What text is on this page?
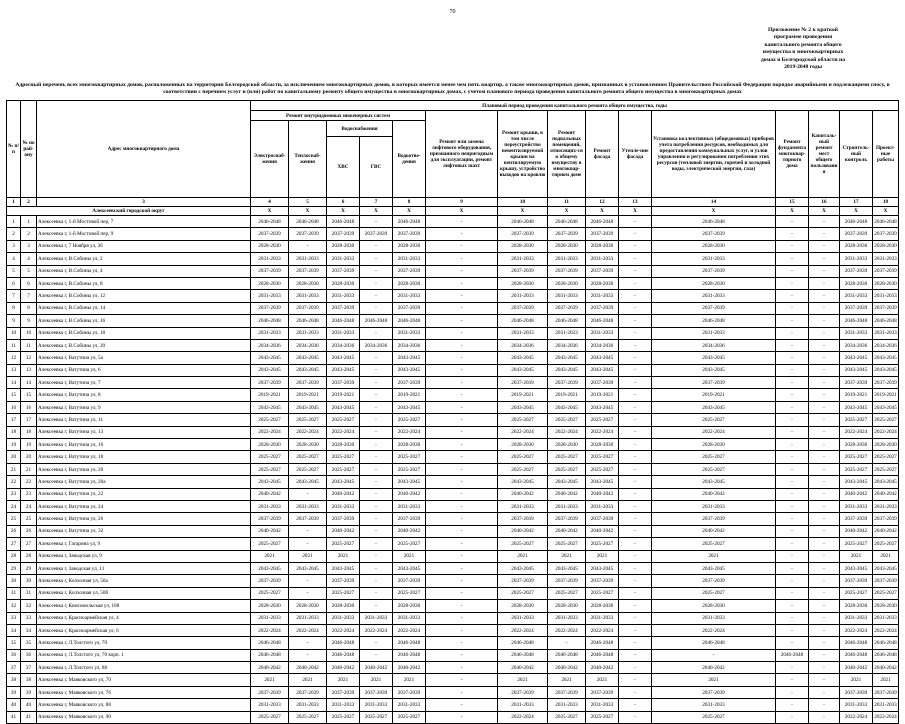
70
Приложение № 2 к краткой
программе проведения
капитального ремонта общего
имущества в многоквартирных
домах в Белгородской области на
2019-2048 годы
Адресный перечень всех многоквартирных домов, расположенных на территории Белгородской области, за исключением многоквартирных домов, в которых имеется менее чем пять квартир, а также многоквартирных домов, признанных в установленном Правительством Российской Федерации порядке аварийными и подлежащими сносу, в соответствии с перечнем услуг и (или) работ по капитальному ремонту общего имущества в многоквартирных домах, с учетом планового периода проведения капитального ремонта общего имущества в многоквартирных домах
№ п/п	№ по рай-ону	Адрес многоквартирного дома	Плановый период проведения капитального ремонта общего имущества, годы														
			Ремонт внутридомовых инженерных систем					Ремонт или замена лифтового оборудования, признанного непригодным для эксплуатации, ремонт лифтовых шахт	Ремонт крыши, в том числе переустройство невентилируемой крыши на вентилируемую крышу, устройство выходов на кровлю	Ремонт подвальных помещений, относящих-ся к общему имуществу в многоквар-тирном доме	Ремонт фасада	Утепле-ние фасада	Установка коллективных (общедомовых) приборов учета потребления ресурсов, необходимых для предоставления коммунальных услуг, и узлов управления и регулирования потребления этих ресурсов (тепловой энергии, горячей и холодной воды, электрической энергии, газа)	Ремонт фундамента многоквар-тирного дома	Капиталь-ный ремонт мест общего пользовани я	Строитель-ный контроль	Проект-ные работы
			Электроснаб-жения	Теплоснаб-жения	Водоснабжения		Водоотве-дения										
					ХВС	ГВС											
1	2	3	4	5	6	7	8	9	10	11	12	13	14	15	16	17	18
Алексеевский городской округ			X	X	X	X	X	X	X	X	X	X	X	X	X	X	X
1	1	Алексеевка г, 1-й Мостовой пер, 7	2046-2048	2046-2048	2046-2048	-	2046-2048	-	2046-2048	2046-2048	2046-2048	-	2046-2048	-	-	2046-2048	2046-2048
2	2	Алексеевка г, 1-й Мостовой пер, 9	2037-2039	2037-2039	2037-2039	2037-2039	2037-2039	-	2037-2039	2037-2039	2037-2039	-	2037-2039	-	-	2037-2039	2037-2039
3	3	Алексеевка г, 7 Ноября ул, 36	2028-2030	-	2028-2030	-	2028-2030	-	2028-2030	2028-2030	2028-2030	-	2028-2030	-	-	2028-2030	2028-2030
4	4	Алексеевка г, В.Собины ул, 2	2031-2033	2031-2033	2031-2033	-	2031-2033	-	2031-2033	2031-2033	2031-2033	-	2031-2033	-	-	2031-2033	2031-2033
5	5	Алексеевка г, В.Собины ул, 4	2037-2039	2037-2039	2037-2039	-	2037-2039	-	2037-2039	2037-2039	2037-2039	-	2037-2039	-	-	2037-2039	2037-2039
6	6	Алексеевка г, В.Собины ул, 8	2028-2030	2028-2030	2028-2030	-	2028-2030	-	2028-2030	2028-2030	2028-2030	-	2028-2030	-	-	2028-2030	2028-2030
7	7	Алексеевка г, В.Собины ул, 12	2031-2033	2031-2033	2031-2033	-	2031-2033	-	2031-2033	2031-2033	2031-2033	-	2031-2033	-	-	2031-2033	2031-2033
8	8	Алексеевка г, В.Собины ул, 14	2037-2039	2037-2039	2037-2039	-	2037-2039	-	2037-2039	2037-2039	2037-2039	-	2037-2039	-	-	2037-2039	2037-2039
9	9	Алексеевка г, В.Собины ул, 16	2046-2048	2046-2048	2046-2048	2046-2048	2046-2048	-	2046-2048	2046-2048	2046-2048	-	2046-2048	-	-	2046-2048	2046-2048
10	10	Алексеевка г, В.Собины ул, 18	2031-2033	2031-2033	2031-2033	-	2031-2033	-	2031-2033	2031-2033	2031-2033	-	2031-2033	-	-	2031-2033	2031-2033
11	11	Алексеевка г, В.Собины ул, 20	2034-2036	2034-2036	2034-2036	2034-2036	2034-2036	-	2034-2036	2034-2036	2034-2036	-	2034-2036	-	-	2034-2036	2034-2036
12	12	Алексеевка г, Ватутина ул, 5а	2043-2045	2043-2045	2043-2045	-	2043-2045	-	2043-2045	2043-2045	2043-2045	-	2043-2045	-	-	2043-2045	2043-2045
13	13	Алексеевка г, Ватутина ул, 6	2043-2045	2043-2045	2043-2045	-	2043-2045	-	2043-2045	2043-2045	2043-2045	-	2043-2045	-	-	2043-2045	2043-2045
14	14	Алексеевка г, Ватутина ул, 7	2037-2039	2037-2039	2037-2039	-	2037-2039	-	2037-2039	2037-2039	2037-2039	-	2037-2039	-	-	2037-2039	2037-2039
15	15	Алексеевка г, Ватутина ул, 8	2019-2021	2019-2021	2019-2021	-	2019-2021	-	2019-2021	2019-2021	2019-2021	-	2019-2021	-	-	2019-2021	2019-2021
16	16	Алексеевка г, Ватутина ул, 9	2043-2045	2043-2045	2043-2045	-	2043-2045	-	2043-2045	2043-2045	2043-2045	-	2043-2045	-	-	2043-2045	2043-2045
17	17	Алексеевка г, Ватутина ул, 11	2025-2027	2025-2027	2025-2027	-	2025-2027	-	2025-2027	2025-2027	2025-2027	-	2025-2027	-	-	2025-2027	2025-2027
18	18	Алексеевка г, Ватутина ул, 13	2022-2024	2022-2024	2022-2024	-	2022-2024	-	2022-2024	2022-2024	2022-2024	-	2022-2024	-	-	2022-2024	2022-2024
19	19	Алексеевка г, Ватутина ул, 16	2028-2030	2028-2030	2028-2030	-	2028-2030	-	2028-2030	2028-2030	2028-2030	-	2028-2030	-	-	2028-2030	2028-2030
20	20	Алексеевка г, Ватутина ул, 18	2025-2027	2025-2027	2025-2027	-	2025-2027	-	2025-2027	2025-2027	2025-2027	-	2025-2027	-	-	2025-2027	2025-2027
21	21	Алексеевка г, Ватутина ул, 20	2025-2027	2025-2027	2025-2027	-	2025-2027	-	2025-2027	2025-2027	2025-2027	-	2025-2027	-	-	2025-2027	2025-2027
22	22	Алексеевка г, Ватутина ул, 20а	2043-2045	2043-2045	2043-2045	-	2043-2045	-	2043-2045	2043-2045	2043-2045	-	2043-2045	-	-	2043-2045	2043-2045
23	23	Алексеевка г, Ватутина ул, 22	2040-2042	-	2040-2042	-	2040-2042	-	2040-2042	2040-2042	2040-2042	-	2040-2042	-	-	2040-2042	2040-2042
24	24	Алексеевка г, Ватутина ул, 24	2031-2033	2031-2033	2031-2033	-	2031-2033	-	2031-2033	2031-2033	2031-2033	-	2031-2033	-	-	2031-2033	2031-2033
25	25	Алексеевка г, Ватутина ул, 26	2037-2039	2037-2039	2037-2039	-	2037-2039	-	2037-2039	2037-2039	2037-2039	-	2037-2039	-	-	2037-2039	2037-2039
26	26	Алексеевка г, Ватутина ул, 32	2040-2042	-	2040-2042	-	2040-2042	-	2040-2042	2040-2042	2040-2042	-	2040-2042	-	-	2040-2042	2040-2042
27	27	Алексеевка г, Гагарина ул, 9	2025-2027	-	2025-2027	-	2025-2027	-	2025-2027	2025-2027	2025-2027	-	2025-2027	-	-	2025-2027	2025-2027
28	28	Алексеевка г, Заводская ул, 9	2021	2021	2021	-	2021	-	2021	2021	2021	-	2021	-	-	2021	2021
29	29	Алексеевка г, Заводская ул, 11	2043-2045	2043-2045	2043-2045	-	2043-2045	-	2043-2045	2043-2045	2043-2045	-	2043-2045	-	-	2043-2045	2043-2045
30	30	Алексеевка г, Колхозная ул, 50а	2037-2039	-	2037-2039	-	2037-2039	-	2037-2039	2037-2039	2037-2039	-	2037-2039	-	-	2037-2039	2037-2039
31	31	Алексеевка г, Колхозная ул, 50б	2025-2027	-	2025-2027	-	2025-2027	-	2025-2027	2025-2027	2025-2027	-	2025-2027	-	-	2025-2027	2025-2027
32	32	Алексеевка г, Комсомольская ул, 108	2028-2030	2028-2030	2028-2030	-	2028-2030	-	2028-2030	2028-2030	2028-2030	-	2028-2030	-	-	2028-2030	2028-2030
33	33	Алексеевка г, Красноармейская ул, 4	2031-2033	2031-2033	2031-2033	2031-2033	2031-2033	-	2031-2033	2031-2033	2031-2033	-	2031-2033	-	-	2031-2033	2031-2033
34	34	Алексеевка г, Красноармейская ул, 6	2022-2024	2022-2024	2022-2024	2022-2024	2022-2024	-	2022-2024	2022-2024	2022-2024	-	2022-2024	-	-	2022-2024	2022-2024
35	35	Алексеевка г, Л.Толстого ул, 70	2046-2048	-	2046-2048	-	2046-2048	-	2046-2048	-	2046-2048	-	2046-2048	-	-	2046-2048	2046-2048
36	36	Алексеевка г, Л.Толстого ул, 70 корп. 1	2046-2048	-	2046-2048	-	2046-2048	-	2046-2048	2046-2048	2046-2048	-	-	2046-2048	-	2046-2048	2046-2048
37	37	Алексеевка г, Л.Толстого ул, 88	2040-2042	2040-2042	2040-2042	2040-2042	2040-2042	-	2040-2042	2040-2042	2040-2042	-	2040-2042	-	-	2040-2042	2040-2042
38	38	Алексеевка г, Маяковского ул, 70	2021	2021	2021	2021	2021	-	2021	2021	2021	-	2021	-	-	2021	2021
39	39	Алексеевка г, Маяковского ул, 76	2037-2039	2037-2039	2037-2039	2037-2039	2037-2039	-	2037-2039	2037-2039	2037-2039	-	2037-2039	-	-	2037-2039	2037-2039
40	40	Алексеевка г, Маяковского ул, 88	2031-2033	2031-2033	2031-2033	2031-2033	2031-2033	-	2031-2033	2031-2033	2031-2033	-	2031-2033	-	-	2031-2033	2031-2033
41	41	Алексеевка г, Маяковского ул, 90	2025-2027	2025-2027	2025-2027	2025-2027	2025-2027	-	2022-2024	2025-2027	2025-2027	-	2025-2027	-	-	2022-2024	2022-2024
